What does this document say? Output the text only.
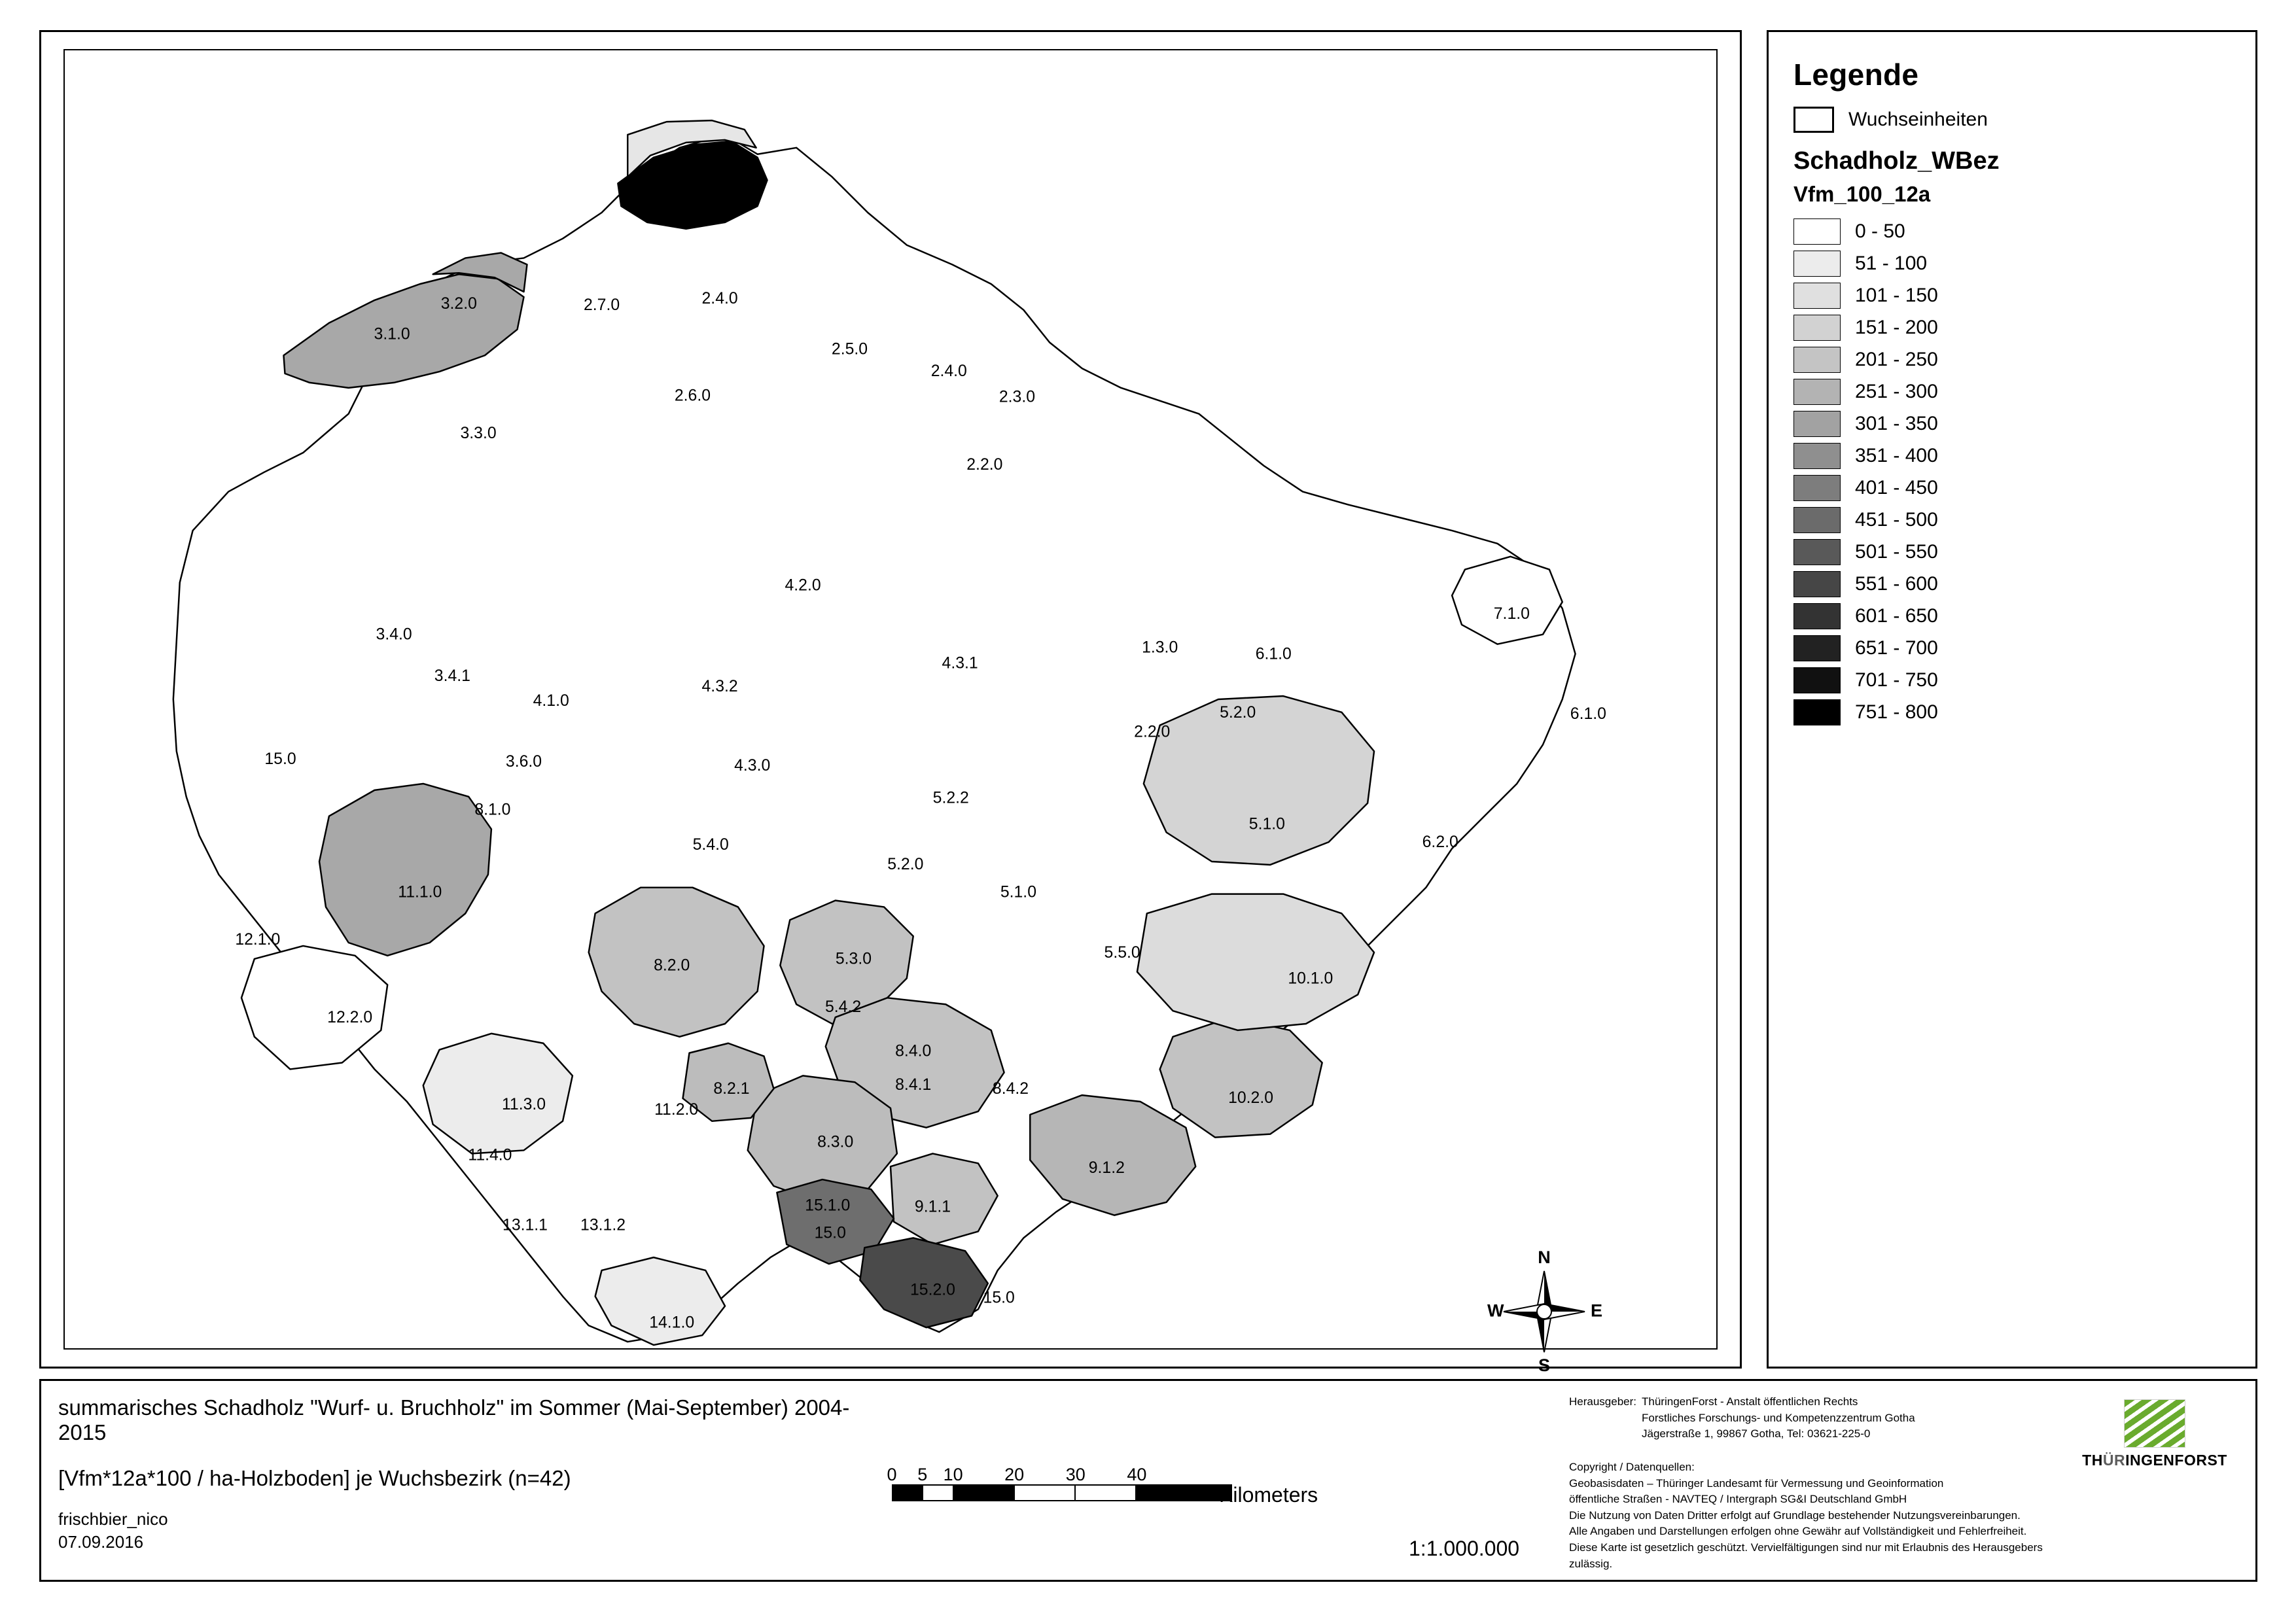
1.1.0
1.2.0
3.2.0	2.7.0	2.4.0
3.1.0
2.5.0
2.4.0
2.6.0	2.3.0
3.3.0
2.2.0
4.2.0
7.1.0
3.4.0
4.3.1
1.3.0	6.1.0
3.4.1
4.3.2
4.1.0
5.2.0	6.1.0
2.2.0
15.0	3.6.0	4.3.0
8.1.0
5.2.2
5.1.0
5.4.0
5.2.0
6.2.0
11.1.0	5.1.0
12.1.0
8.2.0	5.3.0	5.5.0
10.1.0
12.2.0
5.4.2
8.4.0
8.2.1
11.3.0	11.2.0
8.4.1	8.4.2
10.2.0
11.4.0
8.3.0
9.1.2
13.1.1 13.1.2
15.1.0	9.1.1
15.0
15.2.0 15.0
14.1.0
N
S
W	E
Legende
Wuchseinheiten
Schadholz_WBez
Vfm_100_12a
0 - 50
51 - 100
101 - 150
151 - 200
201 - 250
251 - 300
301 - 350
351 - 400
401 - 450
451 - 500
501 - 550
551 - 600
601 - 650
651 - 700
701 - 750
751 - 800
summarisches Schadholz "Wurf- u. Bruchholz" im Sommer (Mai-September) 2004-2015
[Vfm*12a*100 / ha-Holzboden] je Wuchsbezirk (n=42)
frischbier_nico
07.09.2016
0 5 10 20 30 40
Kilometers
1:1.000.000
Herausgeber: ThüringenForst - Anstalt öffentlichen Rechts
Forstliches Forschungs- und Kompetenzzentrum Gotha
Jägerstraße 1, 99867 Gotha, Tel: 03621-225-0
Copyright / Datenquellen:
Geobasisdaten – Thüringer Landesamt für Vermessung und Geoinformation
öffentliche Straßen - NAVTEQ / Intergraph SG&I Deutschland GmbH
Die Nutzung von Daten Dritter erfolgt auf Grundlage bestehender Nutzungsvereinbarungen.
Alle Angaben und Darstellungen erfolgen ohne Gewähr auf Vollständigkeit und Fehlerfreiheit.
Diese Karte ist gesetzlich geschützt. Vervielfältigungen sind nur mit Erlaubnis des Herausgebers zulässig.
THÜRINGENFORST
